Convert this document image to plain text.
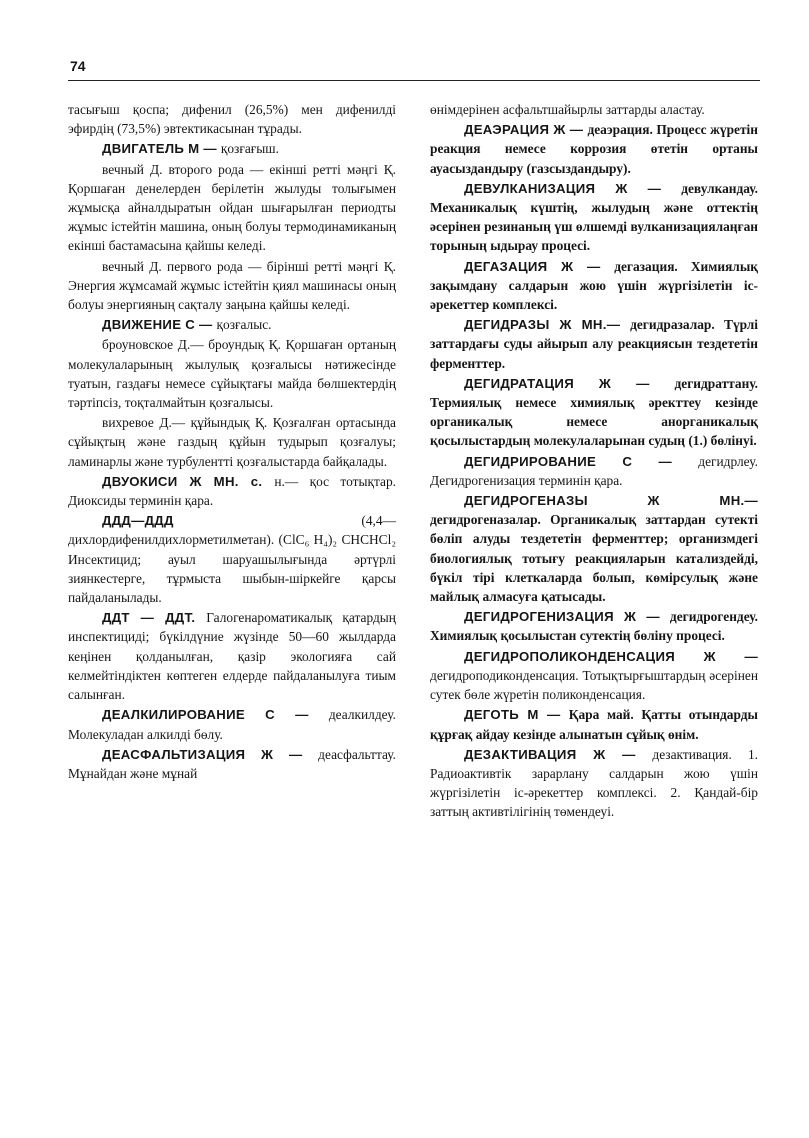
74

тасығыш қоспа; дифенил (26,5%) мен дифенилді эфирдің (73,5%) эвтектикасынан тұрады.

ДВИГАТЕЛЬ М — қозғағыш.

вечный Д. второго рода — екінші ретті мәңгі Қ. Қоршаған денелерден берілетін жылуды толығымен жұмысқа айналдыратын ойдан шығарылған периодты жұмыс істейтін машина, оның болуы термодинамиканың екінші бастамасына қайшы келеді.

вечный Д. первого рода — бірінші ретті мәңгі Қ. Энергия жұмсамай жұмыс істейтін қиял машинасы оның болуы энергияның сақталу заңына қайшы келеді.

ДВИЖЕНИЕ С — қозғалыс.

броуновское Д.— броундық Қ. Қоршаған ортаның молекулаларының жылулық қозғалысы нәтижесінде туатын, газдағы немесе сұйықтағы майда бөлшектердің тәртіпсіз, тоқталмайтын қозғалысы.

вихревое Д.— құйындық Қ. Қозғалған ортасында сұйықтың және газдың құйын тудырып қозғалуы; ламинарлы және турбулентті қозғалыстарда байқалады.

ДВУОКИСИ Ж МН. с. н.— қос тотықтар. Диоксиды терминін қара.

ДДД—ДДД (4,4—дихлордифенилдихлорметилметан). (ClC₆ H₄)₂ CHCHCl₂ Инсектицид; ауыл шаруашылығында әртүрлі зиянкестерге, тұрмыста шыбын-шіркейге қарсы пайдаланылады.

ДДТ — ДДТ. Галогенароматикалық қатардың инспектициді; бүкілдүние жүзінде 50—60 жылдарда кеңінен қолданылған, қазір экологияға сай келмейтіндіктен көптеген елдерде пайдаланылуға тиым салынған.

ДЕАЛКИЛИРОВАНИЕ С — деалкилдеу. Молекуладан алкилді бөлу.

ДЕАСФАЛЬТИЗАЦИЯ Ж — деасфальттау. Мұнайдан және мұнай

өнімдерінен асфальтшайырлы заттарды аластау.

ДЕАЭРАЦИЯ Ж — деаэрация. Процесс жүретін реакция немесе коррозия өтетін ортаны ауасыздандыру (газсыздандыру).

ДЕВУЛКАНИЗАЦИЯ Ж — девулкандау. Механикалық күштің, жылудың және оттектің әсерінен резинаның үш өлшемді вулканизациялаңған торының ыдырау процесі.

ДЕГАЗАЦИЯ Ж — дегазация. Химиялық зақымдану салдарын жою үшін жүргізілетін іс-әрекеттер комплексі.

ДЕГИДРАЗЫ Ж МН.— дегидразалар. Түрлі заттардағы суды айырып алу реакциясын тездететін ферменттер.

ДЕГИДРАТАЦИЯ Ж — дегидраттану. Термиялық немесе химиялық әректтеу кезінде органикалық немесе анорганикалық қосылыстардың молекулаларынан судың (1.) бөлінуі.

ДЕГИДРИРОВАНИЕ С — дегидрлеу. Дегидрогенизация терминін қара.

ДЕГИДРОГЕНАЗЫ Ж МН.— дегидрогеназалар. Органикалық заттардан сутекті бөліп алуды тездететін ферменттер; организмдегі биологиялық тотығу реакцияларын катализдейді, бүкіл тірі клеткаларда болып, көмірсулық және майлық алмасуға қатысады.

ДЕГИДРОГЕНИЗАЦИЯ Ж — дегидрогендеу. Химиялық қосылыстан сутектің бөліну процесі.

ДЕГИДРОПОЛИКОНДЕНСАЦИЯ Ж — дегидроподиконденсация. Тотықтырғыштардың әсерінен сутек бөле жүретін поликонденсация.

ДЕГОТЬ М — Қара май. Қатты отындарды құрғақ айдау кезінде алынатын сұйық өнім.

ДЕЗАКТИВАЦИЯ Ж — дезактивация. 1. Радиоактивтік зарарлану салдарын жою үшін жүргізілетін іс-әрекеттер комплексі. 2. Қандай-бір заттың активтілігінің төмендеуі.
